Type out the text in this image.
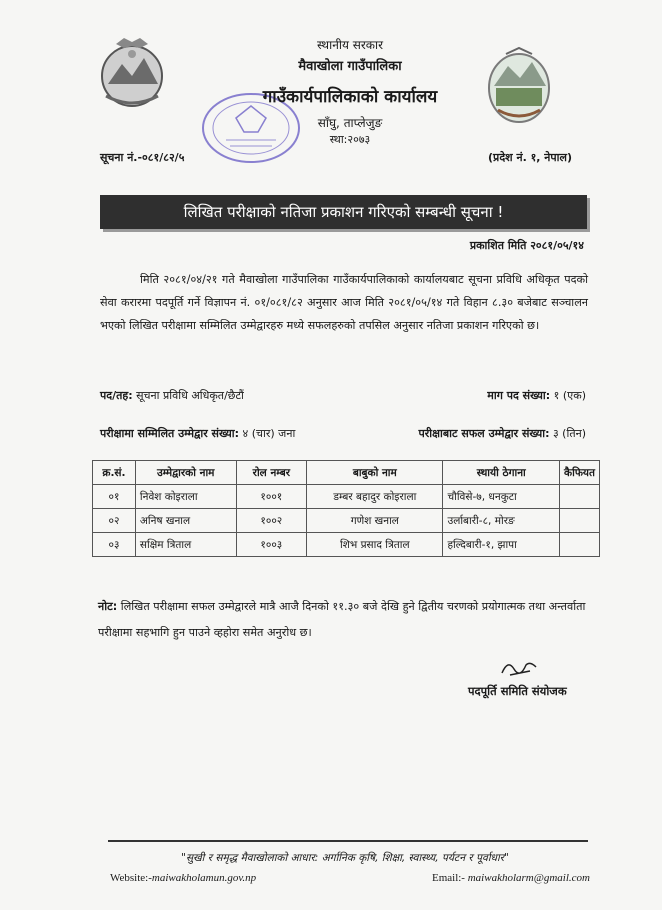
स्थानीय सरकार
मैवाखोला गाउँपालिका
गाउँकार्यपालिकाको कार्यालय
साँघु, ताप्लेजुङ
स्था:२०७३
सूचना नं.-०८१/८२/५	(प्रदेश नं. १, नेपाल)
लिखित परीक्षाको नतिजा प्रकाशन गरिएको सम्बन्धी सूचना !
प्रकाशित मिति २०८१/०५/१४
मिति २०८१/०४/२१ गते मैवाखोला गाउँपालिका गाउँकार्यपालिकाको कार्यालयबाट सूचना प्रविधि अधिकृत पदको सेवा करारमा पदपूर्ति गर्ने विज्ञापन नं. ०१/०८१/८२ अनुसार आज मिति २०८१/०५/१४ गते विहान ८.३० बजेबाट सञ्चालन भएको लिखित परीक्षामा सम्मिलित उम्मेद्वारहरु मध्ये सफलहरुको तपसिल अनुसार नतिजा प्रकाशन गरिएको छ।
पद/तह: सूचना प्रविधि अधिकृत/छैटौं	माग पद संख्या: १ (एक)
परीक्षामा सम्मिलित उम्मेद्वार संख्या: ४ (चार) जना	परीक्षाबाट सफल उम्मेद्वार संख्या: ३ (तिन)
क्र.सं.	उम्मेद्वारको नाम	रोल नम्बर	बाबुको नाम	स्थायी ठेगाना	कैफियत
०१	निवेश कोइराला	१००१	डम्बर बहादुर कोइराला	चौविसे-७, धनकुटा	
०२	अनिष खनाल	१००२	गणेश खनाल	उर्लाबारी-८, मोरङ	
०३	सक्षिम त्रिताल	१००३	शिभ प्रसाद त्रिताल	हल्दिबारी-१, झापा	
नोट: लिखित परीक्षामा सफल उम्मेद्वारले मात्रै आजै दिनको ११.३० बजे देखि हुने द्वितीय चरणको प्रयोगात्मक तथा अन्तर्वाता परीक्षामा सहभागि हुन पाउने व्हहोरा समेत अनुरोध छ।
पदपूर्ति समिति संयोजक
"सुखी र समृद्ध मैवाखोलाको आधार: अर्गानिक कृषि, शिक्षा, स्वास्थ्य, पर्यटन र पूर्वाधार"
Website:-maiwakholamun.gov.np	Email:- maiwakholarm@gmail.com
